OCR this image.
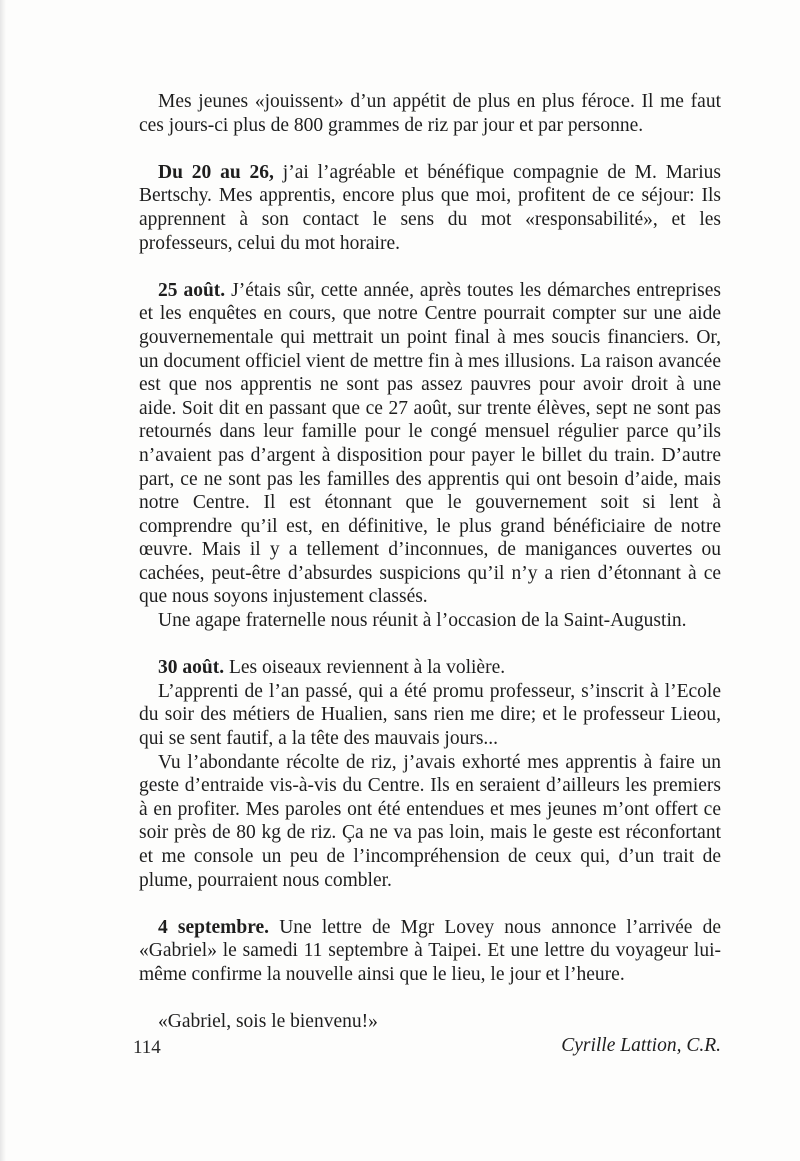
Mes jeunes «jouissent» d’un appétit de plus en plus féroce. Il me faut ces jours-ci plus de 800 grammes de riz par jour et par personne.

Du 20 au 26, j’ai l’agréable et bénéfique compagnie de M. Marius Bertschy. Mes apprentis, encore plus que moi, profitent de ce séjour: Ils apprennent à son contact le sens du mot «responsabilité», et les professeurs, celui du mot horaire.

25 août. J’étais sûr, cette année, après toutes les démarches entreprises et les enquêtes en cours, que notre Centre pourrait compter sur une aide gouvernementale qui mettrait un point final à mes soucis financiers. Or, un document officiel vient de mettre fin à mes illusions. La raison avancée est que nos apprentis ne sont pas assez pauvres pour avoir droit à une aide. Soit dit en passant que ce 27 août, sur trente élèves, sept ne sont pas retournés dans leur famille pour le congé mensuel régulier parce qu’ils n’avaient pas d’argent à disposition pour payer le billet du train. D’autre part, ce ne sont pas les familles des apprentis qui ont besoin d’aide, mais notre Centre. Il est étonnant que le gouvernement soit si lent à comprendre qu’il est, en définitive, le plus grand bénéficiaire de notre œuvre. Mais il y a tellement d’inconnues, de manigances ouvertes ou cachées, peut-être d’absurdes suspicions qu’il n’y a rien d’étonnant à ce que nous soyons injustement classés.

Une agape fraternelle nous réunit à l’occasion de la Saint-Augustin.

30 août. Les oiseaux reviennent à la volière.

L’apprenti de l’an passé, qui a été promu professeur, s’inscrit à l’Ecole du soir des métiers de Hualien, sans rien me dire; et le professeur Lieou, qui se sent fautif, a la tête des mauvais jours...

Vu l’abondante récolte de riz, j’avais exhorté mes apprentis à faire un geste d’entraide vis-à-vis du Centre. Ils en seraient d’ailleurs les premiers à en profiter. Mes paroles ont été entendues et mes jeunes m’ont offert ce soir près de 80 kg de riz. Ça ne va pas loin, mais le geste est réconfortant et me console un peu de l’incompréhension de ceux qui, d’un trait de plume, pourraient nous combler.

4 septembre. Une lettre de Mgr Lovey nous annonce l’arrivée de «Gabriel» le samedi 11 septembre à Taipei. Et une lettre du voyageur lui-même confirme la nouvelle ainsi que le lieu, le jour et l’heure.

«Gabriel, sois le bienvenu!»

Cyrille Lattion, C.R.

114
